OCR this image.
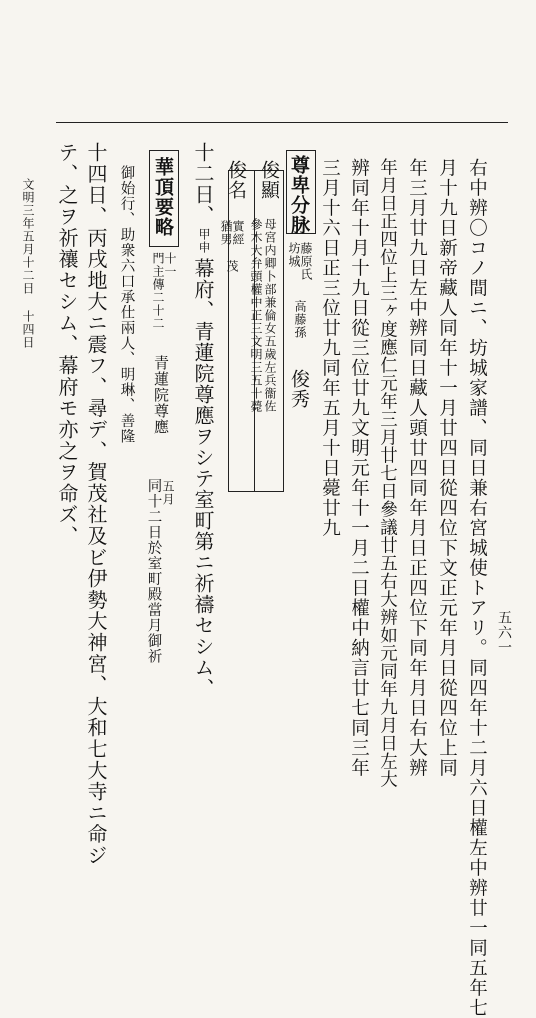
五六一
右中辨〇コノ間ニ、坊城家譜、同日兼右宮城使トアリ。同四年十二月六日權左中辨廿一同五年七
月十九日新帝藏人同年十一月廿四日從四位下文正元年月日從四位上同
年三月廿九日左中辨同日藏人頭廿四同年月日正四位下同年月日右大辨
年月日正四位上三ヶ度應仁元年三月廿七日參議廿五右大辨如元同年九月日左大
辨同年十月十九日從三位廿九文明元年十一月二日權中納言廿七同三年
三月十六日正三位廿九同年五月十日薨廿九
尊卑分脉
藤原氏
坊城
高藤孫
俊秀
俊顯
母宮内卿卜部兼倫女五歲左兵衞佐
參木大弁頭權中正三文明三五十薨
俊名
實經
猶男
茂
十二日、
甲申
幕府、青蓮院尊應ヲシテ室町第ニ祈禱セシム、
華頂要略
十一
門主傳二十二
青蓮院尊應
五月
同十二日於室町殿當月御祈
御始行、助衆六口承仕兩人、明琳、善隆
十四日、丙戌地大ニ震フ、尋デ、賀茂社及ビ伊勢大神宮、大和七大寺ニ命ジ
テ、之ヲ祈禳セシム、幕府モ亦之ヲ命ズ、
文明三年五月十二日 十四日
